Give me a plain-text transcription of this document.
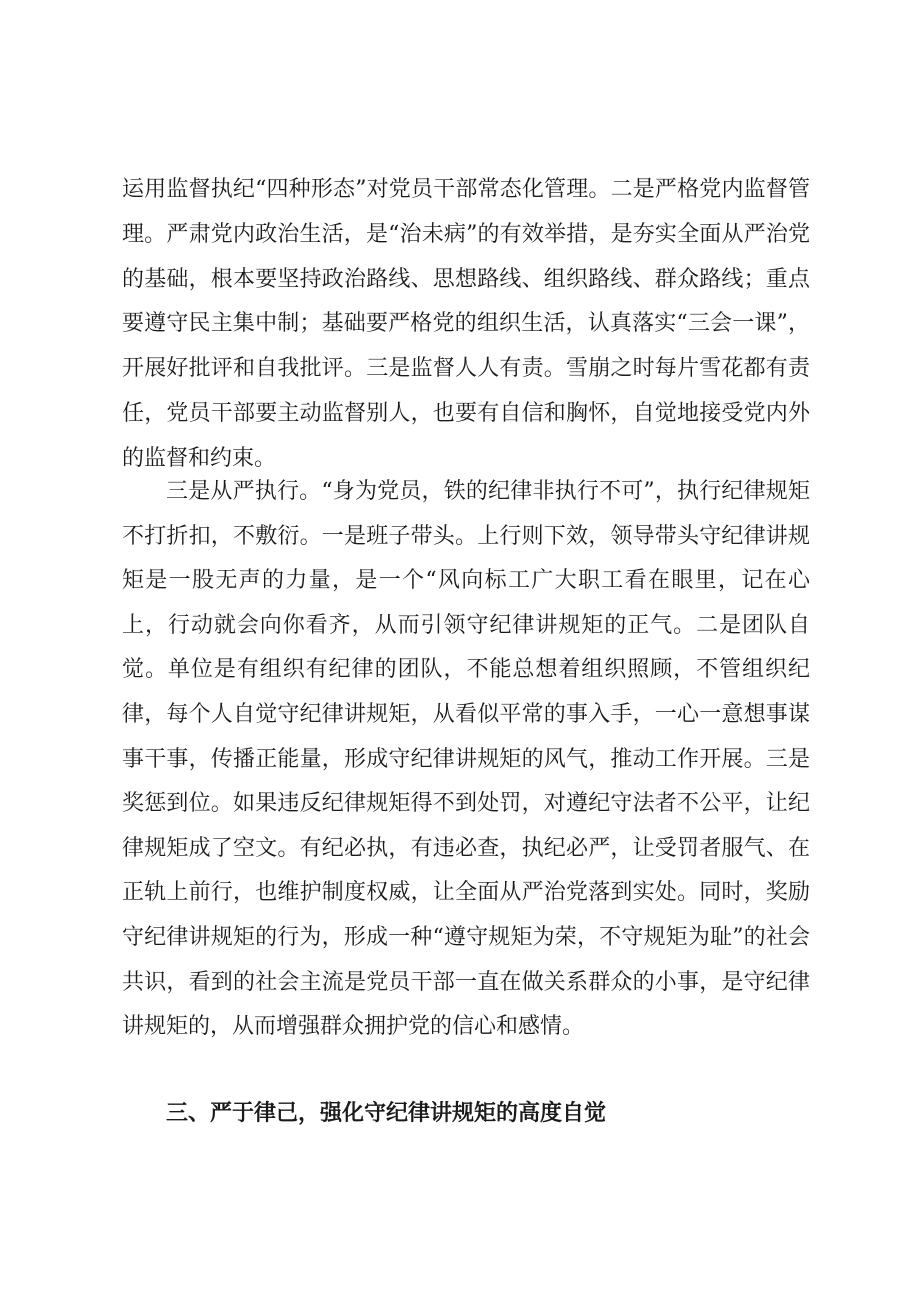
运用监督执纪“四种形态”对党员干部常态化管理。二是严格党内监督管理。严肃党内政治生活，是“治未病”的有效举措，是夯实全面从严治党的基础，根本要坚持政治路线、思想路线、组织路线、群众路线；重点要遵守民主集中制；基础要严格党的组织生活，认真落实“三会一课”，开展好批评和自我批评。三是监督人人有责。雪崩之时每片雪花都有责任，党员干部要主动监督别人，也要有自信和胸怀，自觉地接受党内外的监督和约束。

三是从严执行。“身为党员，铁的纪律非执行不可”，执行纪律规矩不打折扣，不敷衍。一是班子带头。上行则下效，领导带头守纪律讲规矩是一股无声的力量，是一个“风向标工广大职工看在眼里，记在心上，行动就会向你看齐，从而引领守纪律讲规矩的正气。二是团队自觉。单位是有组织有纪律的团队，不能总想着组织照顾，不管组织纪律，每个人自觉守纪律讲规矩，从看似平常的事入手，一心一意想事谋事干事，传播正能量，形成守纪律讲规矩的风气，推动工作开展。三是奖惩到位。如果违反纪律规矩得不到处罚，对遵纪守法者不公平，让纪律规矩成了空文。有纪必执，有违必查，执纪必严，让受罚者服气、在正轨上前行，也维护制度权威，让全面从严治党落到实处。同时，奖励守纪律讲规矩的行为，形成一种“遵守规矩为荣，不守规矩为耻”的社会共识，看到的社会主流是党员干部一直在做关系群众的小事，是守纪律讲规矩的，从而增强群众拥护党的信心和感情。

三、严于律己，强化守纪律讲规矩的高度自觉
